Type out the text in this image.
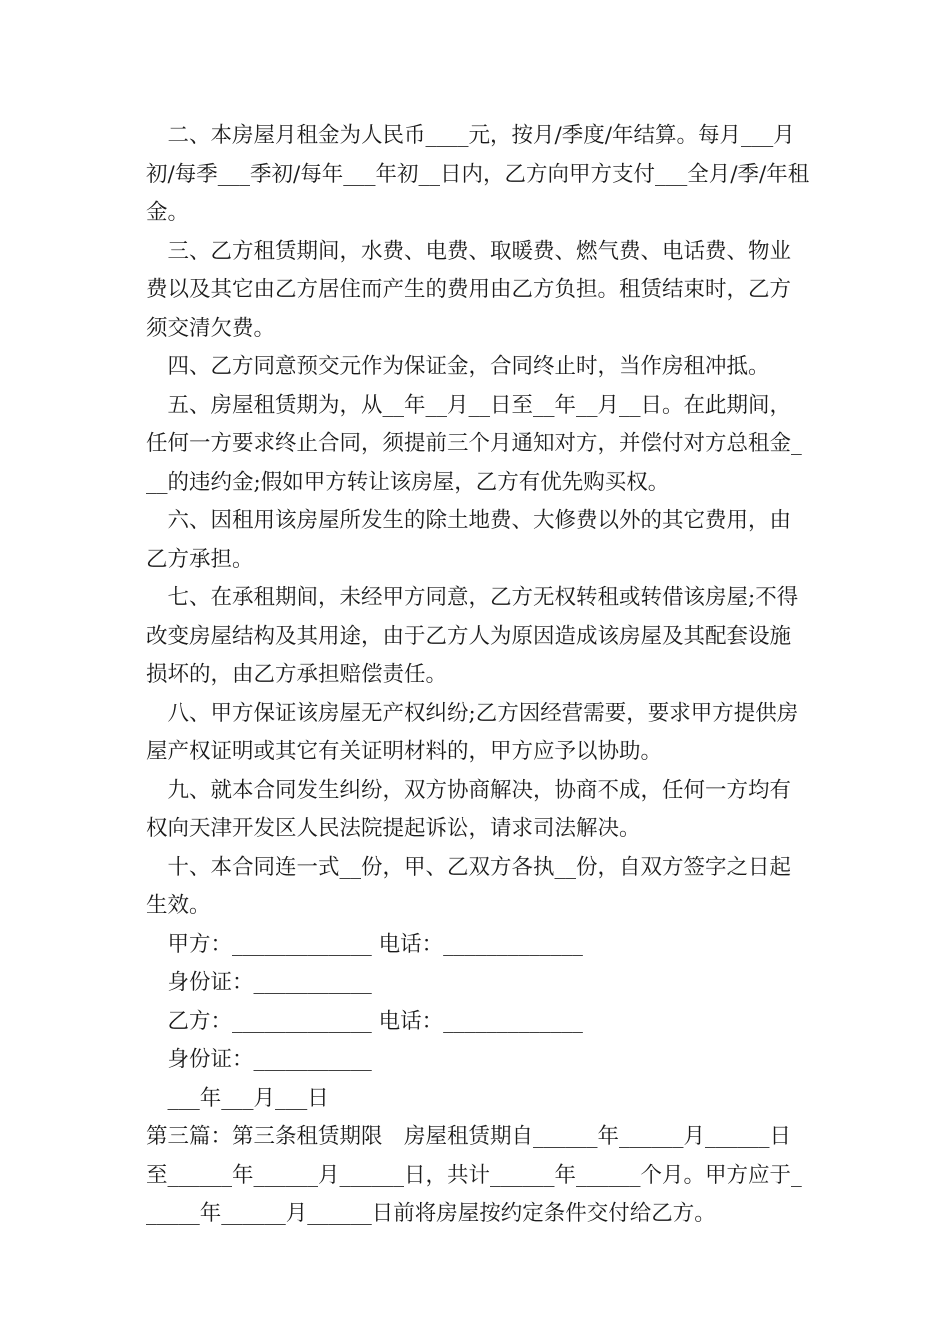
　二、本房屋月租金为人民币____元，按月/季度/年结算。每月___月初/每季___季初/每年___年初__日内，乙方向甲方支付___全月/季/年租金。

　三、乙方租赁期间，水费、电费、取暖费、燃气费、电话费、物业费以及其它由乙方居住而产生的费用由乙方负担。租赁结束时，乙方须交清欠费。

　四、乙方同意预交元作为保证金，合同终止时，当作房租冲抵。

　五、房屋租赁期为，从__年__月__日至__年__月__日。在此期间，任何一方要求终止合同，须提前三个月通知对方，并偿付对方总租金___的违约金;假如甲方转让该房屋，乙方有优先购买权。

　六、因租用该房屋所发生的除土地费、大修费以外的其它费用，由乙方承担。

　七、在承租期间，未经甲方同意，乙方无权转租或转借该房屋;不得改变房屋结构及其用途，由于乙方人为原因造成该房屋及其配套设施损坏的，由乙方承担赔偿责任。

　八、甲方保证该房屋无产权纠纷;乙方因经营需要，要求甲方提供房屋产权证明或其它有关证明材料的，甲方应予以协助。

　九、就本合同发生纠纷，双方协商解决，协商不成，任何一方均有权向天津开发区人民法院提起诉讼，请求司法解决。

　十、本合同连一式__份，甲、乙双方各执__份，自双方签字之日起生效。

　甲方：_____________ 电话：_____________

　身份证：___________

　乙方：_____________ 电话：_____________

　身份证：___________

　___年___月___日

第三篇：第三条租赁期限　房屋租赁期自______年______月______日至______年______月______日，共计______年______个月。甲方应于______年______月______日前将房屋按约定条件交付给乙方。
